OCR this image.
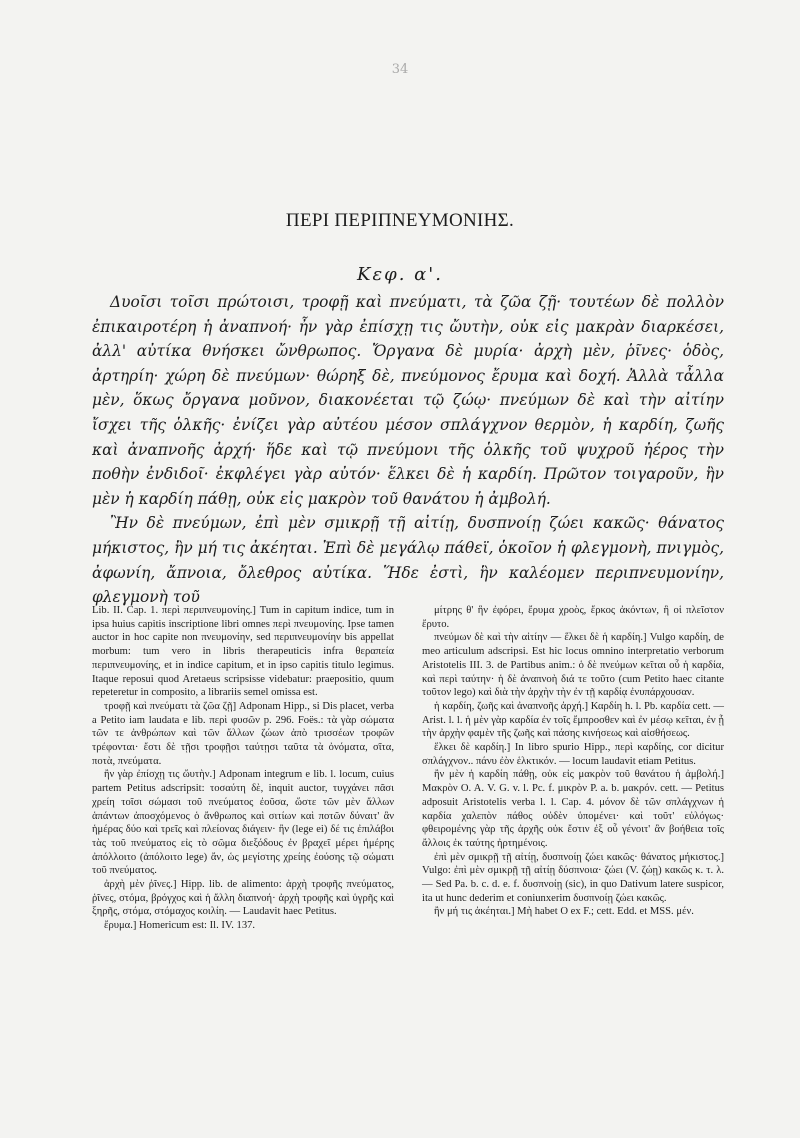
34
ΠΕΡΙ ΠΕΡΙΠΝΕΥΜΟΝΙΗΣ.
Κεφ. α'.

Δυοῖσι τοῖσι πρώτοισι, τροφῇ καὶ πνεύματι, τὰ ζῶα ζῇ· τουτέων δὲ πολλὸν ἐπικαιροτέρη ἡ ἀναπνοή· ἦν γὰρ ἐπίσχῃ τις ὤυτὴν, οὐκ εἰς μακρὰν διαρκέσει, ἀλλ' αὐτίκα θνήσκει ὤνθρωπος. Ὄργανα δὲ μυρία· ἀρχὴ μὲν, ῥῖνες· ὁδὸς, ἀρτηρίη· χώρη δὲ πνεύμων· θώρηξ δὲ, πνεύμονος ἔρυμα καὶ δοχή. Ἀλλὰ τἆλλα μὲν, ὅκως ὄργανα μοῦνον, διακονέεται τῷ ζώῳ· πνεύμων δὲ καὶ τὴν αἰτίην ἴσχει τῆς ὁλκῆς· ἐνίζει γὰρ αὐτέου μέσον σπλάγχνον θερμὸν, ἡ καρδίη, ζωῆς καὶ ἀναπνοῆς ἀρχή· ἥδε καὶ τῷ πνεύμονι τῆς ὁλκῆς τοῦ ψυχροῦ ἠέρος τὴν ποθὴν ἐνδιδοῖ· ἐκφλέγει γὰρ αὐτόν· ἕλκει δὲ ἡ καρδίη. Πρῶτον τοιγαροῦν, ἢν μὲν ἡ καρδίη πάθῃ, οὐκ εἰς μακρὸν τοῦ θανάτου ἡ ἀμβολή.

Ἢν δὲ πνεύμων, ἐπὶ μὲν σμικρῇ τῇ αἰτίῃ, δυσπνοίῃ ζώει κακῶς· θάνατος μήκιστος, ἢν μή τις ἀκέηται. Ἐπὶ δὲ μεγάλῳ πάθεϊ, ὁκοῖον ἡ φλεγμονὴ, πνιγμὸς, ἀφωνίη, ἄπνοια, ὄλεθρος αὐτίκα. Ἥδε ἐστὶ, ἣν καλέομεν περιπνευμονίην, φλεγμονὴ τοῦ

Lib. II. Cap. 1. περὶ περιπνευμονίης.] Tum in capitum indice, tum in ipsa huius capitis inscriptione libri omnes περὶ πνευμονίης. Ipse tamen auctor in hoc capite non πνευμονίην, sed περιπνευμονίην bis appellat morbum: tum vero in libris therapeuticis infra θεραπεία περιπνευμονίης, et in indice capitum, et in ipso capitis titulo legimus. Itaque reposui quod Aretaeus scripsisse videbatur: praepositio, quum repeteretur in composito, a librariis semel omissa est.

τροφῇ καὶ πνεύματι τὰ ζῶα ζῇ] Adponam Hipp., si Dis placet, verba a Petito iam laudata e lib. περὶ φυσῶν p. 296. Foës.: τὰ γὰρ σώματα τῶν τε ἀνθρώπων καὶ τῶν ἄλλων ζώων ἀπὸ τρισσέων τροφῶν τρέφονται· ἔστι δὲ τῇσι τροφῇσι ταύτῃσι ταῦτα τὰ ὀνόματα, σῖτα, ποτὰ, πνεύματα.

ἢν γὰρ ἐπίσχῃ τις ὤυτὴν.] Adponam integrum e lib. l. locum, cuius partem Petitus adscripsit: τοσαύτη δὲ, inquit auctor, τυγχάνει πᾶσι χρείη τοῖσι σώμασι τοῦ πνεύματος ἐοῦσα, ὥστε τῶν μὲν ἄλλων ἁπάντων ἀποσχόμενος ὁ ἄνθρωπος καὶ σιτίων καὶ ποτῶν δύναιτ' ἂν ἡμέρας δύο καὶ τρεῖς καὶ πλείονας διάγειν· ἢν (lege ei) δέ τις ἐπιλάβοι τὰς τοῦ πνεύματος εἰς τὸ σῶμα διεξόδους ἐν βραχεῖ μέρει ἡμέρης ἀπόλλοιτο (ἀπόλοιτο lege) ἄν, ὡς μεγίστης χρείης ἐούσης τῷ σώματι τοῦ πνεύματος.

ἀρχὴ μὲν ῥῖνες.] Hipp. lib. de alimento: ἀρχὴ τροφῆς πνεύματος, ῥῖνες, στόμα, βρόγχος καὶ ἡ ἄλλη διαπνοή· ἀρχὴ τροφῆς καὶ ὑγρῆς καὶ ξηρῆς, στόμα, στόμαχος κοιλίη. — Laudavit haec Petitus.

ἔρυμα.] Homericum est: Il. IV. 137.

μίτρης θ' ἣν ἐφόρει, ἔρυμα χροὸς, ἕρκος ἀκόντων, ἣ οἱ πλεῖστον ἔρυτο.

πνεύμων δὲ καὶ τὴν αἰτίην — ἕλκει δὲ ἡ καρδίη.] Vulgo καρδίη, de meo articulum adscripsi. Est hic locus omnino interpretatio verborum Aristotelis III. 3. de Partibus anim.: ὁ δὲ πνεύμων κεῖται οὗ ἡ καρδία, καὶ περὶ ταύτην· ἡ δὲ ἀναπνοὴ διά τε τοῦτο (cum Petito haec citante τοῦτον lego) καὶ διὰ τὴν ἀρχὴν τὴν ἐν τῇ καρδίᾳ ἐνυπάρχουσαν.

ἡ καρδίη, ζωῆς καὶ ἀναπνοῆς ἀρχή.] Καρδίη h. l. Pb. καρδία cett. — Arist. l. l. ἡ μὲν γὰρ καρδία ἐν τοῖς ἔμπροσθεν καὶ ἐν μέσῳ κεῖται, ἐν ᾗ τὴν ἀρχὴν φαμὲν τῆς ζωῆς καὶ πάσης κινήσεως καὶ αἰσθήσεως.

ἕλκει δὲ καρδίη.] In libro spurio Hipp., περὶ καρδίης, cor dicitur σπλάγχνον.. πάνυ ἐὸν ἑλκτικόν. — locum laudavit etiam Petitus.

ἢν μὲν ἡ καρδίη πάθῃ, οὐκ εἰς μακρὸν τοῦ θανάτου ἡ ἀμβολή.] Μακρὸν O. A. V. G. v. l. Pc. f. μικρὸν P. a. b. μακρόν. cett. — Petitus adposuit Aristotelis verba l. l. Cap. 4. μόνον δὲ τῶν σπλάγχνων ἡ καρδία χαλεπὸν πάθος οὐδὲν ὑπομένει· καὶ τοῦτ' εὐλόγως· φθειρομένης γὰρ τῆς ἀρχῆς οὐκ ἔστιν ἐξ οὗ γένοιτ' ἂν βοήθεια τοῖς ἄλλοις ἐκ ταύτης ἠρτημένοις.

ἐπὶ μὲν σμικρῇ τῇ αἰτίῃ, δυσπνοίῃ ζώει κακῶς· θάνατος μήκιστος.] Vulgo: ἐπὶ μὲν σμικρῇ τῇ αἰτίῃ δύσπνοια· ζώει (V. ζώῃ) κακῶς κ. τ. λ. — Sed Pa. b. c. d. e. f. δυσπνοίῃ (sic), in quo Dativum latere suspicor, ita ut hunc dederim et coniunxerim δυσπνοίῃ ζώει κακῶς.

ἢν μή τις ἀκέηται.] Μὴ habet O ex F.; cett. Edd. et MSS. μέν.
